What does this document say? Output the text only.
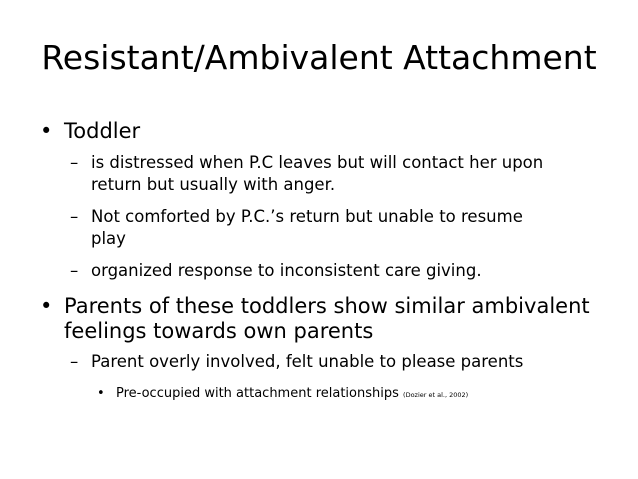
Resistant/Ambivalent Attachment
• Toddler
– is distressed when P.C leaves but will contact her upon
return but usually with anger.
– Not comforted by P.C.’s return but unable to resume
play
– organized response to inconsistent care giving.
• Parents of these toddlers show similar ambivalent
feelings towards own parents
– Parent overly involved, felt unable to please parents
• Pre-occupied with attachment relationships (Dozier et al., 2002)
